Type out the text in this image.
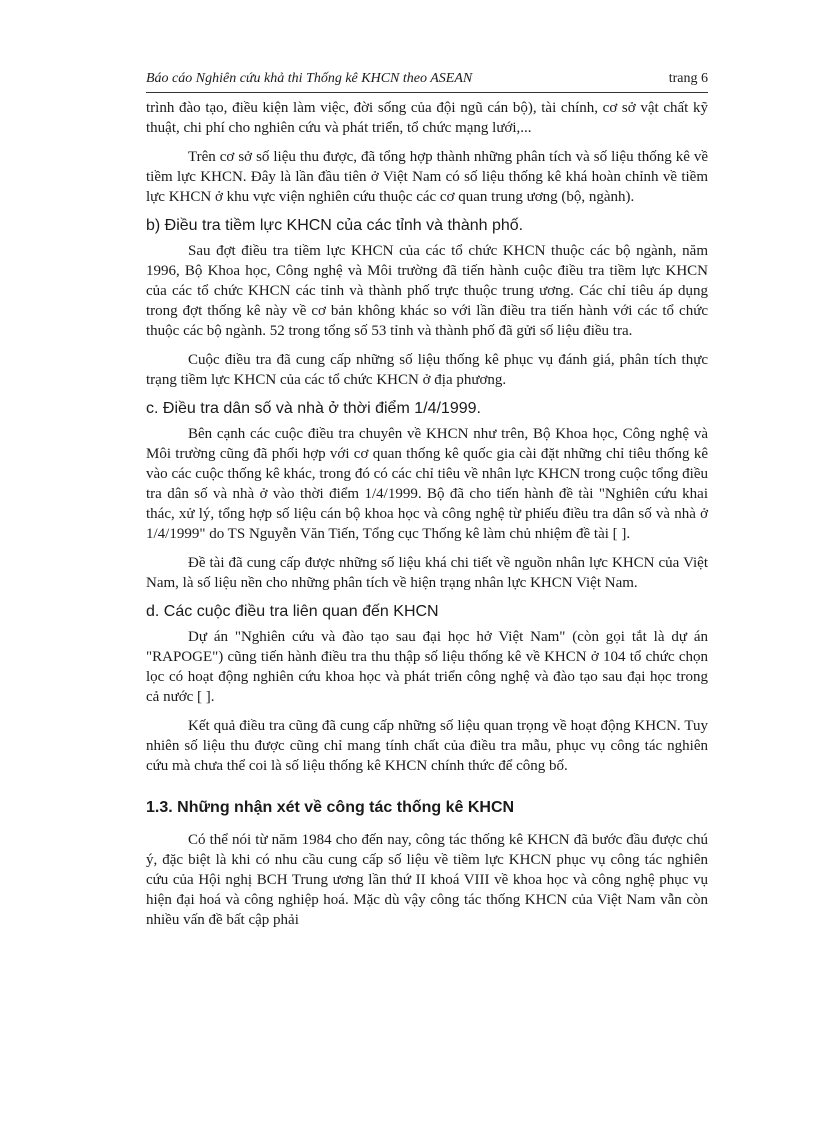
Báo cáo Nghiên cứu khả thi Thống kê KHCN theo ASEAN	trang 6

trình đào tạo, điều kiện làm việc, đời sống của đội ngũ cán bộ), tài chính, cơ sở vật chất kỹ thuật, chi phí cho nghiên cứu và phát triển, tổ chức mạng lưới,...

Trên cơ sở số liệu thu được, đã tổng hợp thành những phân tích và số liệu thống kê về tiềm lực KHCN. Đây là lần đầu tiên ở Việt Nam có số liệu thống kê khá hoàn chỉnh về tiềm lực KHCN ở khu vực viện nghiên cứu thuộc các cơ quan trung ương (bộ, ngành).

b) Điều tra tiềm lực KHCN của các tỉnh và thành phố.

Sau đợt điều tra tiềm lực KHCN của các tổ chức KHCN thuộc các bộ ngành, năm 1996, Bộ Khoa học, Công nghệ và Môi trường đã tiến hành cuộc điều tra tiềm lực KHCN của các tổ chức KHCN các tỉnh và thành phố trực thuộc trung ương. Các chỉ tiêu áp dụng trong đợt thống kê này về cơ bản không khác so với lần điều tra tiến hành với các tổ chức thuộc các bộ ngành. 52 trong tổng số 53 tỉnh và thành phố đã gửi số liệu điều tra.

Cuộc điều tra đã cung cấp những số liệu thống kê phục vụ đánh giá, phân tích thực trạng tiềm lực KHCN của các tổ chức KHCN ở địa phương.

c. Điều tra dân số và nhà ở thời điểm 1/4/1999.

Bên cạnh các cuộc điều tra chuyên về KHCN như trên, Bộ Khoa học, Công nghệ và Môi trường cũng đã phối hợp với cơ quan thống kê quốc gia cài đặt những chỉ tiêu thống kê vào các cuộc thống kê khác, trong đó có các chỉ tiêu về nhân lực KHCN trong cuộc tổng điều tra dân số và nhà ở vào thời điểm 1/4/1999. Bộ đã cho tiến hành đề tài "Nghiên cứu khai thác, xử lý, tổng hợp số liệu cán bộ khoa học và công nghệ từ phiếu điều tra dân số và nhà ở 1/4/1999" do TS Nguyễn Văn Tiến, Tổng cục Thống kê làm chủ nhiệm đề tài [ ].

Đề tài đã cung cấp được những số liệu khá chi tiết về nguồn nhân lực KHCN của Việt Nam, là số liệu nền cho những phân tích về hiện trạng nhân lực KHCN Việt Nam.

d. Các cuộc điều tra liên quan đến KHCN

Dự án "Nghiên cứu và đào tạo sau đại học hở Việt Nam" (còn gọi tắt là dự án "RAPOGE") cũng tiến hành điều tra thu thập số liệu thống kê về KHCN ở 104 tổ chức chọn lọc có hoạt động nghiên cứu khoa học và phát triển công nghệ và đào tạo sau đại học trong cả nước [ ].

Kết quả điều tra cũng đã cung cấp những số liệu quan trọng về hoạt động KHCN. Tuy nhiên số liệu thu được cũng chỉ mang tính chất của điều tra mẫu, phục vụ công tác nghiên cứu mà chưa thể coi là số liệu thống kê KHCN chính thức để công bố.

1.3. Những nhận xét về công tác thống kê KHCN

Có thể nói từ năm 1984 cho đến nay, công tác thống kê KHCN đã bước đầu được chú ý, đặc biệt là khi có nhu cầu cung cấp số liệu về tiềm lực KHCN phục vụ công tác nghiên cứu của Hội nghị BCH Trung ương lần thứ II khoá VIII về khoa học và công nghệ phục vụ hiện đại hoá và công nghiệp hoá. Mặc dù vậy công tác thống KHCN của Việt Nam vẫn còn nhiều vấn đề bất cập phải
